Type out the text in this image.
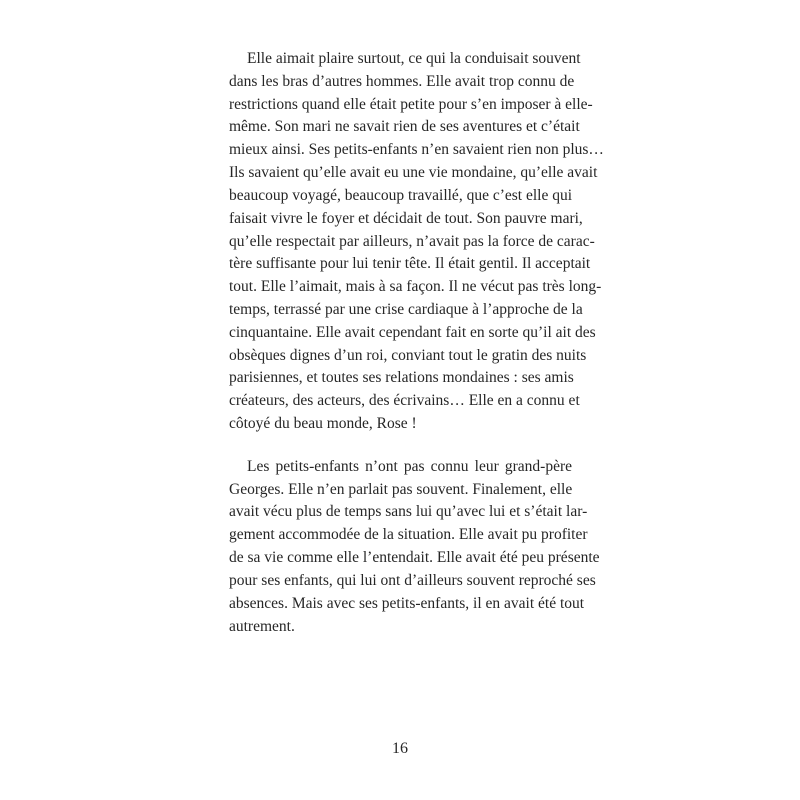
Elle aimait plaire surtout, ce qui la conduisait souvent
dans les bras d’autres hommes. Elle avait trop connu de
restrictions quand elle était petite pour s’en imposer à elle-
même. Son mari ne savait rien de ses aventures et c’était
mieux ainsi. Ses petits-enfants n’en savaient rien non plus…
Ils savaient qu’elle avait eu une vie mondaine, qu’elle avait
beaucoup voyagé, beaucoup travaillé, que c’est elle qui
faisait vivre le foyer et décidait de tout. Son pauvre mari,
qu’elle respectait par ailleurs, n’avait pas la force de carac-
tère suffisante pour lui tenir tête. Il était gentil. Il acceptait
tout. Elle l’aimait, mais à sa façon. Il ne vécut pas très long-
temps, terrassé par une crise cardiaque à l’approche de la
cinquantaine. Elle avait cependant fait en sorte qu’il ait des
obsèques dignes d’un roi, conviant tout le gratin des nuits
parisiennes, et toutes ses relations mondaines : ses amis
créateurs, des acteurs, des écrivains… Elle en a connu et
côtoyé du beau monde, Rose !
Les petits-enfants n’ont pas connu leur grand-père
Georges. Elle n’en parlait pas souvent. Finalement, elle
avait vécu plus de temps sans lui qu’avec lui et s’était lar-
gement accommodée de la situation. Elle avait pu profiter
de sa vie comme elle l’entendait. Elle avait été peu présente
pour ses enfants, qui lui ont d’ailleurs souvent reproché ses
absences. Mais avec ses petits-enfants, il en avait été tout
autrement.
16
